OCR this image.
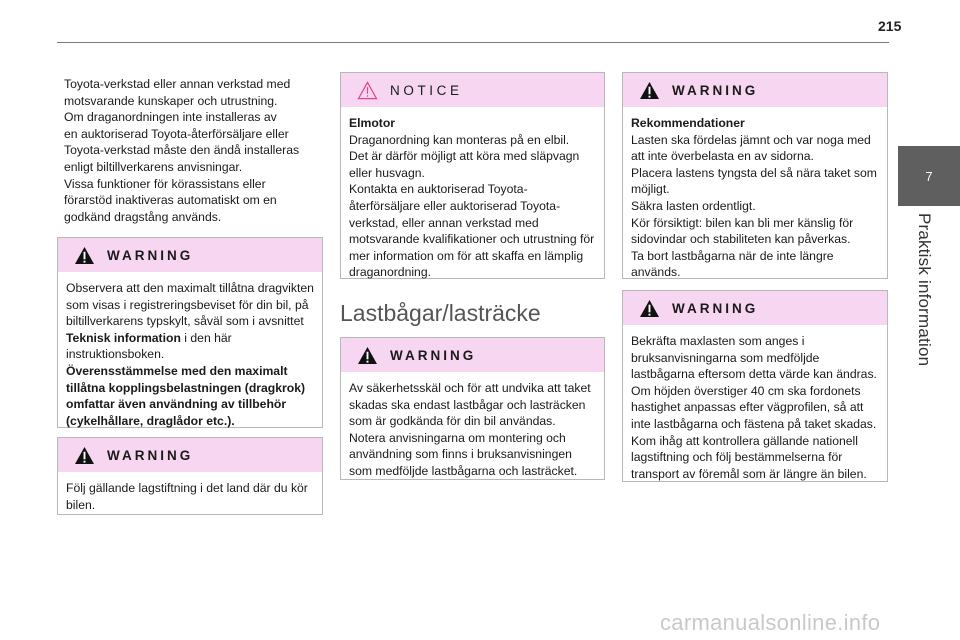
215
7
Praktisk information
Toyota-verkstad eller annan verkstad med
motsvarande kunskaper och utrustning.
Om draganordningen inte installeras av
en auktoriserad Toyota-återförsäljare eller
Toyota-verkstad måste den ändå installeras
enligt biltillverkarens anvisningar.
Vissa funktioner för körassistans eller
förarstöd inaktiveras automatiskt om en
godkänd dragstång används.
WARNING

Observera att den maximalt tillåtna dragvikten

som visas i registreringsbeviset för din bil, på

biltillverkarens typskylt, såväl som i avsnittet

Teknisk information i den här

instruktionsboken.

Överensstämmelse med den maximalt

tillåtna kopplingsbelastningen (dragkrok)

omfattar även användning av tillbehör

(cykelhållare, draglådor etc.).

WARNING

Följ gällande lagstiftning i det land där du kör

bilen.

NOTICE

Elmotor

Draganordning kan monteras på en elbil.

Det är därför möjligt att köra med släpvagn

eller husvagn.

Kontakta en auktoriserad Toyota-

återförsäljare eller auktoriserad Toyota-

verkstad, eller annan verkstad med

motsvarande kvalifikationer och utrustning för

mer information om för att skaffa en lämplig

draganordning.

Lastbågar/lasträcke
WARNING

Av säkerhetsskäl och för att undvika att taket

skadas ska endast lastbågar och lasträcken

som är godkända för din bil användas.

Notera anvisningarna om montering och

användning som finns i bruksanvisningen

som medföljde lastbågarna och lasträcket.

WARNING

Rekommendationer

Lasten ska fördelas jämnt och var noga med

att inte överbelasta en av sidorna.

Placera lastens tyngsta del så nära taket som

möjligt.

Säkra lasten ordentligt.

Kör försiktigt: bilen kan bli mer känslig för

sidovindar och stabiliteten kan påverkas.

Ta bort lastbågarna när de inte längre

används.

WARNING

Bekräfta maxlasten som anges i

bruksanvisningarna som medföljde

lastbågarna eftersom detta värde kan ändras.

Om höjden överstiger 40 cm ska fordonets

hastighet anpassas efter vägprofilen, så att

inte lastbågarna och fästena på taket skadas.

Kom ihåg att kontrollera gällande nationell

lagstiftning och följ bestämmelserna för

transport av föremål som är längre än bilen.

carmanualsonline.info
